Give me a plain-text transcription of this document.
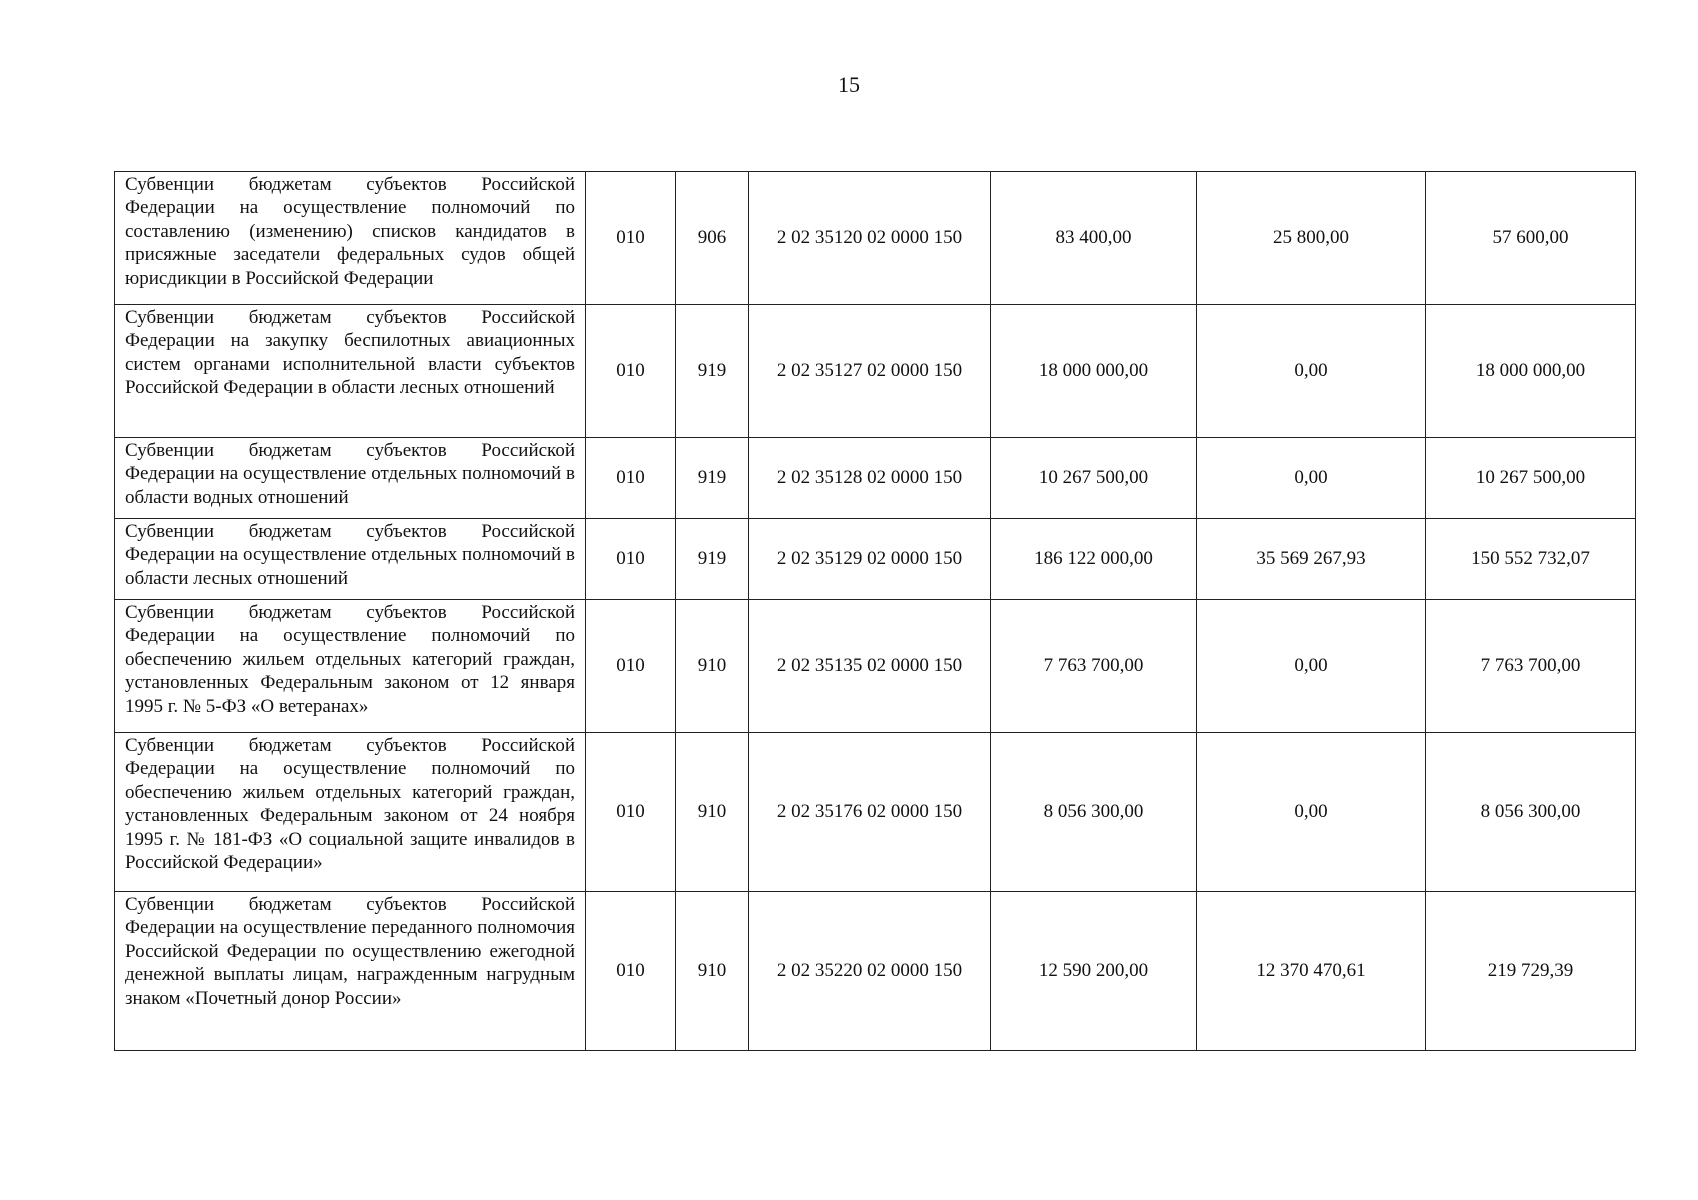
15
Субвенции бюджетам субъектов Российской Федерации на осуществление полномочий по составлению (изменению) списков кандидатов в присяжные заседатели федеральных судов общей юрисдикции в Российской Федерации	010	906	2 02 35120 02 0000 150	83 400,00	25 800,00	57 600,00
Субвенции бюджетам субъектов Российской Федерации на закупку беспилотных авиационных систем органами исполнительной власти субъектов Российской Федерации в области лесных отношений	010	919	2 02 35127 02 0000 150	18 000 000,00	0,00	18 000 000,00
Субвенции бюджетам субъектов Российской Федерации на осуществление отдельных полномочий в области водных отношений	010	919	2 02 35128 02 0000 150	10 267 500,00	0,00	10 267 500,00
Субвенции бюджетам субъектов Российской Федерации на осуществление отдельных полномочий в области лесных отношений	010	919	2 02 35129 02 0000 150	186 122 000,00	35 569 267,93	150 552 732,07
Субвенции бюджетам субъектов Российской Федерации на осуществление полномочий по обеспечению жильем отдельных категорий граждан, установленных Федеральным законом от 12 января 1995 г. № 5-ФЗ «О ветеранах»	010	910	2 02 35135 02 0000 150	7 763 700,00	0,00	7 763 700,00
Субвенции бюджетам субъектов Российской Федерации на осуществление полномочий по обеспечению жильем отдельных категорий граждан, установленных Федеральным законом от 24 ноября 1995 г. № 181-ФЗ «О социальной защите инвалидов в Российской Федерации»	010	910	2 02 35176 02 0000 150	8 056 300,00	0,00	8 056 300,00
Субвенции бюджетам субъектов Российской Федерации на осуществление переданного полномочия Российской Федерации по осуществлению ежегодной денежной выплаты лицам, награжденным нагрудным знаком «Почетный донор России»	010	910	2 02 35220 02 0000 150	12 590 200,00	12 370 470,61	219 729,39
